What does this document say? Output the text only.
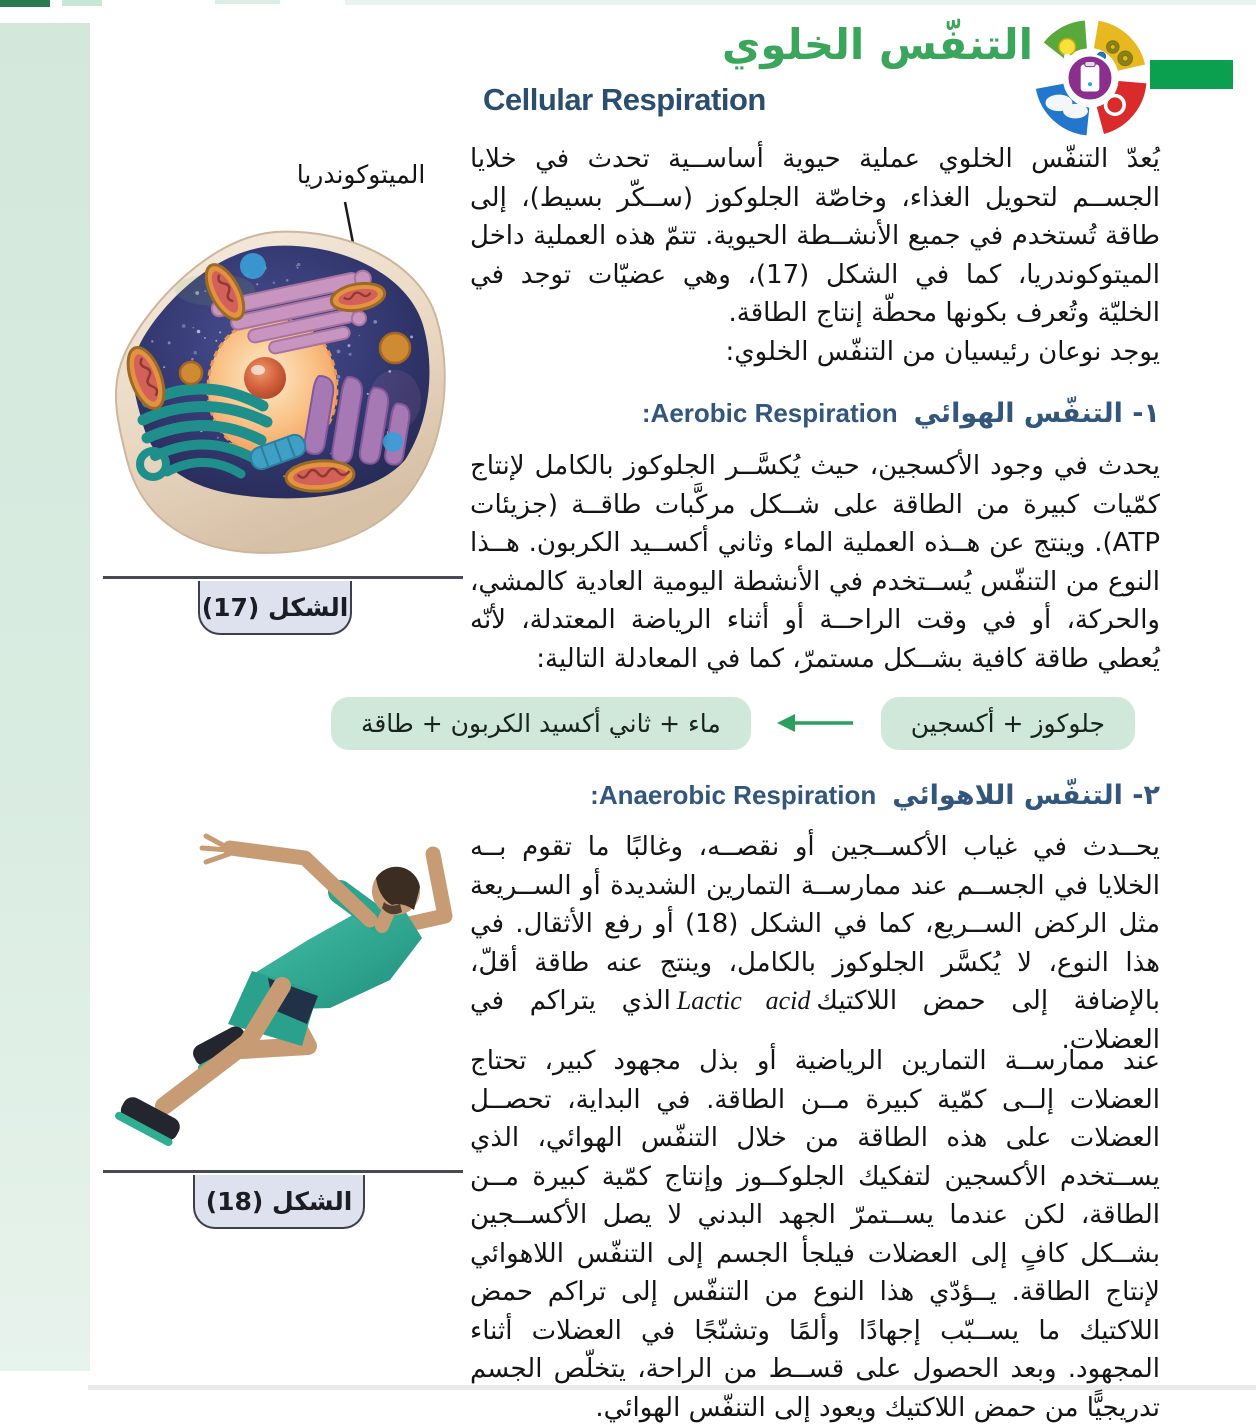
التنفّس الخلوي
Cellular Respiration

يُعدّ التنفّس الخلوي عملية حيوية أساســية تحدث في خلايا الجســم لتحويل الغذاء، وخاصّة الجلوكوز (ســكّر بسيط)، إلى طاقة تُستخدم في جميع الأنشــطة الحيوية. تتمّ هذه العملية داخل الميتوكوندريا، كما في الشكل (17)، وهي عضيّات توجد في الخليّة وتُعرف بكونها محطّة إنتاج الطاقة.
يوجد نوعان رئيسيان من التنفّس الخلوي:

١- التنفّس الهوائيAerobic Respiration:

يحدث في وجود الأكسجين، حيث يُكسَّــر الجلوكوز بالكامل لإنتاج كمّيات كبيرة من الطاقة على شــكل مركَّبات طاقــة (جزيئات ATP). وينتج عن هــذه العملية الماء وثاني أكســيد الكربون. هــذا النوع من التنفّس يُســتخدم في الأنشطة اليومية العادية كالمشي، والحركة، أو في وقت الراحــة أو أثناء الرياضة المعتدلة، لأنّه يُعطي طاقة كافية بشــكل مستمرّ، كما في المعادلة التالية:

جلوكوز + أكسجين
ماء + ثاني أكسيد الكربون + طاقة
٢- التنفّس اللاهوائيAnaerobic Respiration:

يحــدث في غياب الأكســجين أو نقصــه، وغالبًا ما تقوم بــه الخلايا في الجســم عند ممارســة التمارين الشديدة أو الســريعة مثل الركض الســريع، كما في الشكل (18) أو رفع الأثقال. في هذا النوع، لا يُكسَّر الجلوكوز بالكامل، وينتج عنه طاقة أقلّ، بالإضافة إلى حمض اللاكتيكLactic acidالذي يتراكم في العضلات.

عند ممارســة التمارين الرياضية أو بذل مجهود كبير، تحتاج العضلات إلــى كمّية كبيرة مــن الطاقة. في البداية، تحصــل العضلات على هذه الطاقة من خلال التنفّس الهوائي، الذي يســتخدم الأكسجين لتفكيك الجلوكــوز وإنتاج كمّية كبيرة مــن الطاقة، لكن عندما يســتمرّ الجهد البدني لا يصل الأكســجين بشــكل كافٍ إلى العضلات فيلجأ الجسم إلى التنفّس اللاهوائي لإنتاج الطاقة. يــؤدّي هذا النوع من التنفّس إلى تراكم حمض اللاكتيك ما يســبّب إجهادًا وألمًا وتشنّجًا في العضلات أثناء المجهود. وبعد الحصول على قســط من الراحة، يتخلّص الجسم تدريجيًّا من حمض اللاكتيك ويعود إلى التنفّس الهوائي.

الميتوكوندريا
الشكل (17)
الشكل (18)
